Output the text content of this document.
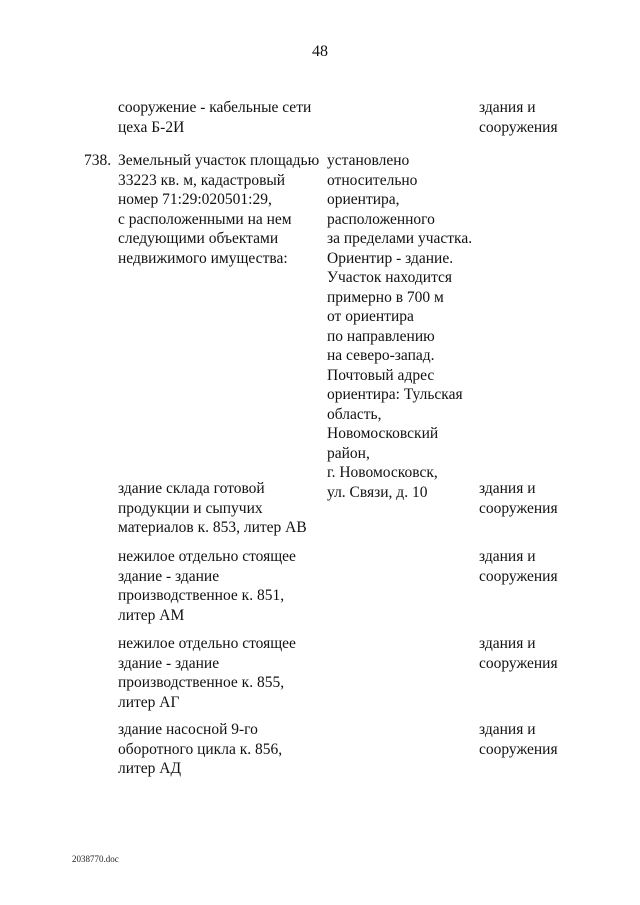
48
сооружение - кабельные сети
цеха Б-2И
здания и
сооружения
738. Земельный участок площадью
33223 кв. м, кадастровый
номер 71:29:020501:29,
с расположенными на нем
следующими объектами
недвижимого имущества:
установлено
относительно
ориентира,
расположенного
за пределами участка.
Ориентир - здание.
Участок находится
примерно в 700 м
от ориентира
по направлению
на северо-запад.
Почтовый адрес
ориентира: Тульская
область,
Новомосковский
район,
г. Новомосковск,
ул. Связи, д. 10
здание склада готовой
продукции и сыпучих
материалов к. 853, литер АВ
здания и
сооружения
нежилое отдельно стоящее
здание - здание
производственное к. 851,
литер АМ
здания и
сооружения
нежилое отдельно стоящее
здание - здание
производственное к. 855,
литер АГ
здания и
сооружения
здание насосной 9-го
оборотного цикла к. 856,
литер АД
здания и
сооружения
2038770.doc
